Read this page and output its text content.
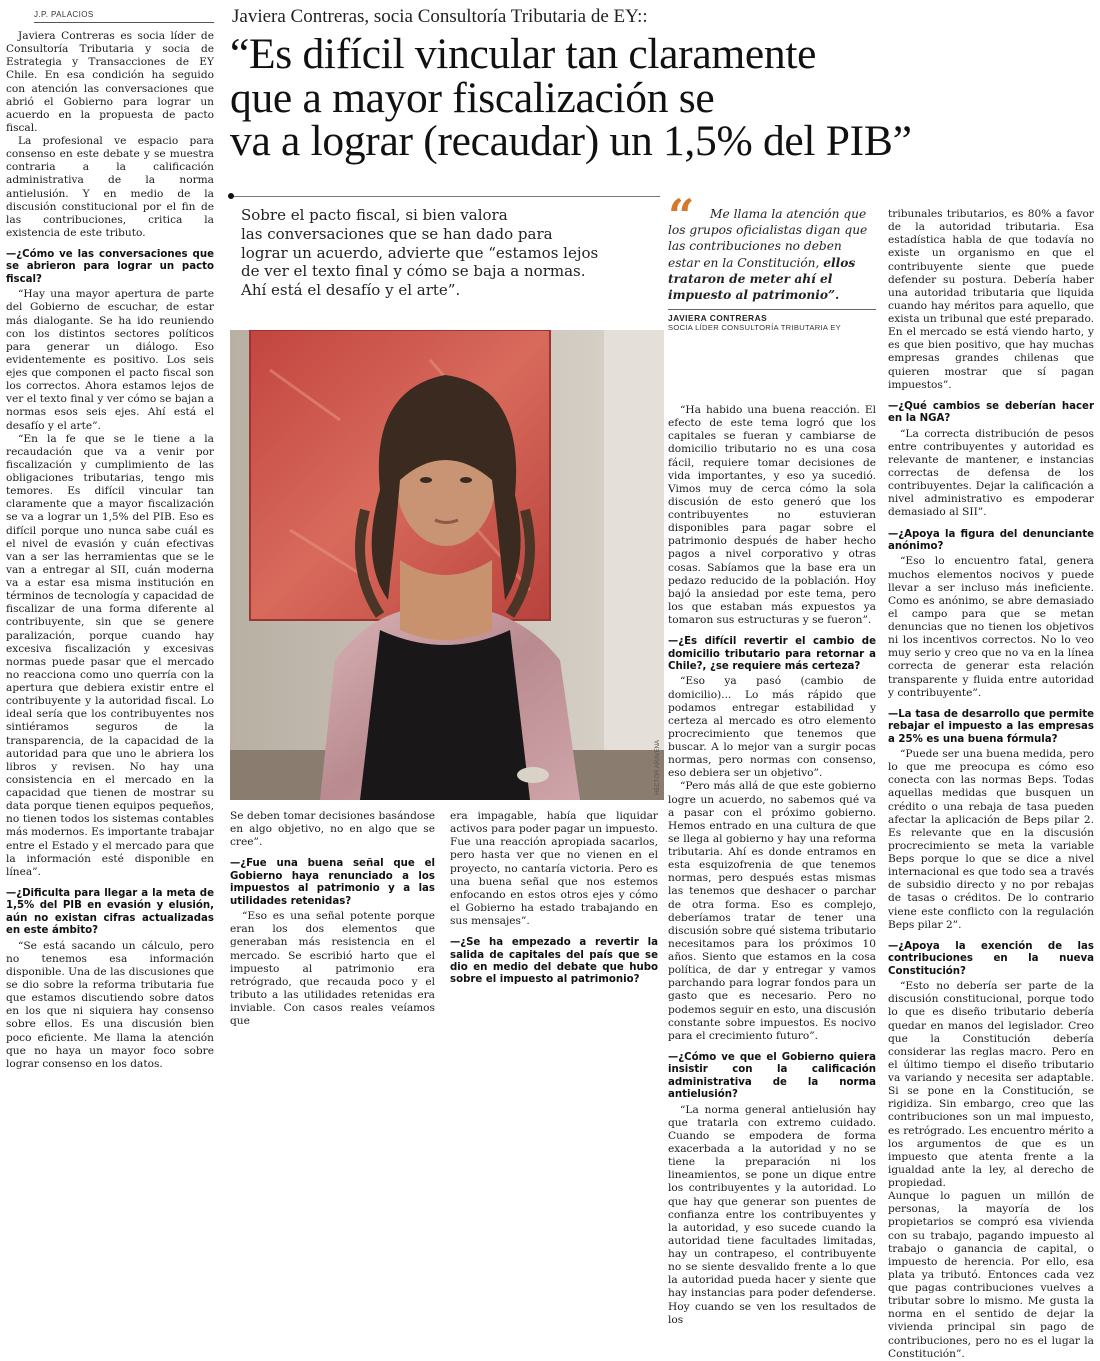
J.P. PALACIOS	Javiera Contreras, socia Consultoría Tributaria de EY::
“Es difícil vincular tan claramente
que a mayor fiscalización se
va a lograr (recaudar) un 1,5% del PIB”
Sobre el pacto fiscal, si bien valora
las conversaciones que se han dado para
lograr un acuerdo, advierte que “estamos lejos
de ver el texto final y cómo se baja a normas.
Ahí está el desafío y el arte”.
“	Me llama la atención que los grupos oficialistas digan que las contribuciones no deben estar en la Constitución, ellos trataron de meter ahí el impuesto al patrimonio”.
JAVIERA CONTRERAS
SOCIA LÍDER CONSULTORÍA TRIBUTARIA EY
HÉCTOR ARAVENA

Javiera Contreras es socia líder de Consultoría Tributaria y socia de Estrategia y Transacciones de EY Chile. En esa condición ha seguido con atención las conversaciones que abrió el Gobierno para lograr un acuerdo en la propuesta de pacto fiscal.

La profesional ve espacio para consenso en este debate y se muestra contraria a la calificación administrativa de la norma antielusión. Y en medio de la discusión constitucional por el fin de las contribuciones, critica la existencia de este tributo.

—¿Cómo ve las conversaciones que se abrieron para lograr un pacto fiscal?

“Hay una mayor apertura de parte del Gobierno de escuchar, de estar más dialogante. Se ha ido reuniendo con los distintos sectores políticos para generar un diálogo. Eso evidentemente es positivo. Los seis ejes que componen el pacto fiscal son los correctos. Ahora estamos lejos de ver el texto final y ver cómo se bajan a normas esos seis ejes. Ahí está el desafío y el arte”.

“En la fe que se le tiene a la recaudación que va a venir por fiscalización y cumplimiento de las obligaciones tributarias, tengo mis temores. Es difícil vincular tan claramente que a mayor fiscalización se va a lograr un 1,5% del PIB. Eso es difícil porque uno nunca sabe cuál es el nivel de evasión y cuán efectivas van a ser las herramientas que se le van a entregar al SII, cuán moderna va a estar esa misma institución en términos de tecnología y capacidad de fiscalizar de una forma diferente al contribuyente, sin que se genere paralización, porque cuando hay excesiva fiscalización y excesivas normas puede pasar que el mercado no reacciona como uno querría con la apertura que debiera existir entre el contribuyente y la autoridad fiscal. Lo ideal sería que los contribuyentes nos sintiéramos seguros de la transparencia, de la capacidad de la autoridad para que uno le abriera los libros y revisen. No hay una consistencia en el mercado en la capacidad que tienen de mostrar su data porque tienen equipos pequeños, no tienen todos los sistemas contables más modernos. Es importante trabajar entre el Estado y el mercado para que la información esté disponible en línea”.

—¿Dificulta para llegar a la meta de 1,5% del PIB en evasión y elusión, aún no existan cifras actualizadas en este ámbito?

“Se está sacando un cálculo, pero no tenemos esa información disponible. Una de las discusiones que se dio sobre la reforma tributaria fue que estamos discutiendo sobre datos en los que ni siquiera hay consenso sobre ellos. Es una discusión bien poco eficiente. Me llama la atención que no haya un mayor foco sobre lograr consenso en los datos.

Se deben tomar decisiones basándose en algo objetivo, no en algo que se cree”.

—¿Fue una buena señal que el Gobierno haya renunciado a los impuestos al patrimonio y a las utilidades retenidas?

“Eso es una señal potente porque eran los dos elementos que generaban más resistencia en el mercado. Se escribió harto que el impuesto al patrimonio era retrógrado, que recauda poco y el tributo a las utilidades retenidas era inviable. Con casos reales veíamos que

era impagable, había que liquidar activos para poder pagar un impuesto. Fue una reacción apropiada sacarlos, pero hasta ver que no vienen en el proyecto, no cantaría victoria. Pero es una buena señal que nos estemos enfocando en estos otros ejes y cómo el Gobierno ha estado trabajando en sus mensajes”.

—¿Se ha empezado a revertir la salida de capitales del país que se dio en medio del debate que hubo sobre el impuesto al patrimonio?

“Ha habido una buena reacción. El efecto de este tema logró que los capitales se fueran y cambiarse de domicilio tributario no es una cosa fácil, requiere tomar decisiones de vida importantes, y eso ya sucedió. Vimos muy de cerca cómo la sola discusión de esto generó que los contribuyentes no estuvieran disponibles para pagar sobre el patrimonio después de haber hecho pagos a nivel corporativo y otras cosas. Sabíamos que la base era un pedazo reducido de la población. Hoy bajó la ansiedad por este tema, pero los que estaban más expuestos ya tomaron sus estructuras y se fueron”.

—¿Es difícil revertir el cambio de domicilio tributario para retornar a Chile?, ¿se requiere más certeza?

“Eso ya pasó (cambio de domicilio)... Lo más rápido que podamos entregar estabilidad y certeza al mercado es otro elemento procrecimiento que tenemos que buscar. A lo mejor van a surgir pocas normas, pero normas con consenso, eso debiera ser un objetivo”.

“Pero más allá de que este gobierno logre un acuerdo, no sabemos qué va a pasar con el próximo gobierno. Hemos entrado en una cultura de que se llega al gobierno y hay una reforma tributaria. Ahí es donde entramos en esta esquizofrenia de que tenemos normas, pero después estas mismas las tenemos que deshacer o parchar de otra forma. Eso es complejo, deberíamos tratar de tener una discusión sobre qué sistema tributario necesitamos para los próximos 10 años. Siento que estamos en la cosa política, de dar y entregar y vamos parchando para lograr fondos para un gasto que es necesario. Pero no podemos seguir en esto, una discusión constante sobre impuestos. Es nocivo para el crecimiento futuro”.

—¿Cómo ve que el Gobierno quiera insistir con la calificación administrativa de la norma antielusión?

“La norma general antielusión hay que tratarla con extremo cuidado. Cuando se empodera de forma exacerbada a la autoridad y no se tiene la preparación ni los lineamientos, se pone un dique entre los contribuyentes y la autoridad. Lo que hay que generar son puentes de confianza entre los contribuyentes y la autoridad, y eso sucede cuando la autoridad tiene facultades limitadas, hay un contrapeso, el contribuyente no se siente desvalido frente a lo que la autoridad pueda hacer y siente que hay instancias para poder defenderse. Hoy cuando se ven los resultados de los

tribunales tributarios, es 80% a favor de la autoridad tributaria. Esa estadística habla de que todavía no existe un organismo en que el contribuyente siente que puede defender su postura. Debería haber una autoridad tributaria que liquida cuando hay méritos para aquello, que exista un tribunal que esté preparado. En el mercado se está viendo harto, y es que bien positivo, que hay muchas empresas grandes chilenas que quieren mostrar que sí pagan impuestos”.

—¿Qué cambios se deberían hacer en la NGA?

“La correcta distribución de pesos entre contribuyentes y autoridad es relevante de mantener, e instancias correctas de defensa de los contribuyentes. Dejar la calificación a nivel administrativo es empoderar demasiado al SII”.

—¿Apoya la figura del denunciante anónimo?

“Eso lo encuentro fatal, genera muchos elementos nocivos y puede llevar a ser incluso más ineficiente. Como es anónimo, se abre demasiado el campo para que se metan denuncias que no tienen los objetivos ni los incentivos correctos. No lo veo muy serio y creo que no va en la línea correcta de generar esta relación transparente y fluida entre autoridad y contribuyente”.

—La tasa de desarrollo que permite rebajar el impuesto a las empresas a 25% es una buena fórmula?

“Puede ser una buena medida, pero lo que me preocupa es cómo eso conecta con las normas Beps. Todas aquellas medidas que busquen un crédito o una rebaja de tasa pueden afectar la aplicación de Beps pilar 2. Es relevante que en la discusión procrecimiento se meta la variable Beps porque lo que se dice a nivel internacional es que todo sea a través de subsidio directo y no por rebajas de tasas o créditos. De lo contrario viene este conflicto con la regulación Beps pilar 2”.

—¿Apoya la exención de las contribuciones en la nueva Constitución?

“Esto no debería ser parte de la discusión constitucional, porque todo lo que es diseño tributario debería quedar en manos del legislador. Creo que la Constitución debería considerar las reglas macro. Pero en el último tiempo el diseño tributario va variando y necesita ser adaptable. Si se pone en la Constitución, se rigidiza. Sin embargo, creo que las contribuciones son un mal impuesto, es retrógrado. Les encuentro mérito a los argumentos de que es un impuesto que atenta frente a la igualdad ante la ley, al derecho de propiedad.

Aunque lo paguen un millón de personas, la mayoría de los propietarios se compró esa vivienda con su trabajo, pagando impuesto al trabajo o ganancia de capital, o impuesto de herencia. Por ello, esa plata ya tributó. Entonces cada vez que pagas contribuciones vuelves a tributar sobre lo mismo. Me gusta la norma en el sentido de dejar la vivienda principal sin pago de contribuciones, pero no es el lugar la Constitución”.
